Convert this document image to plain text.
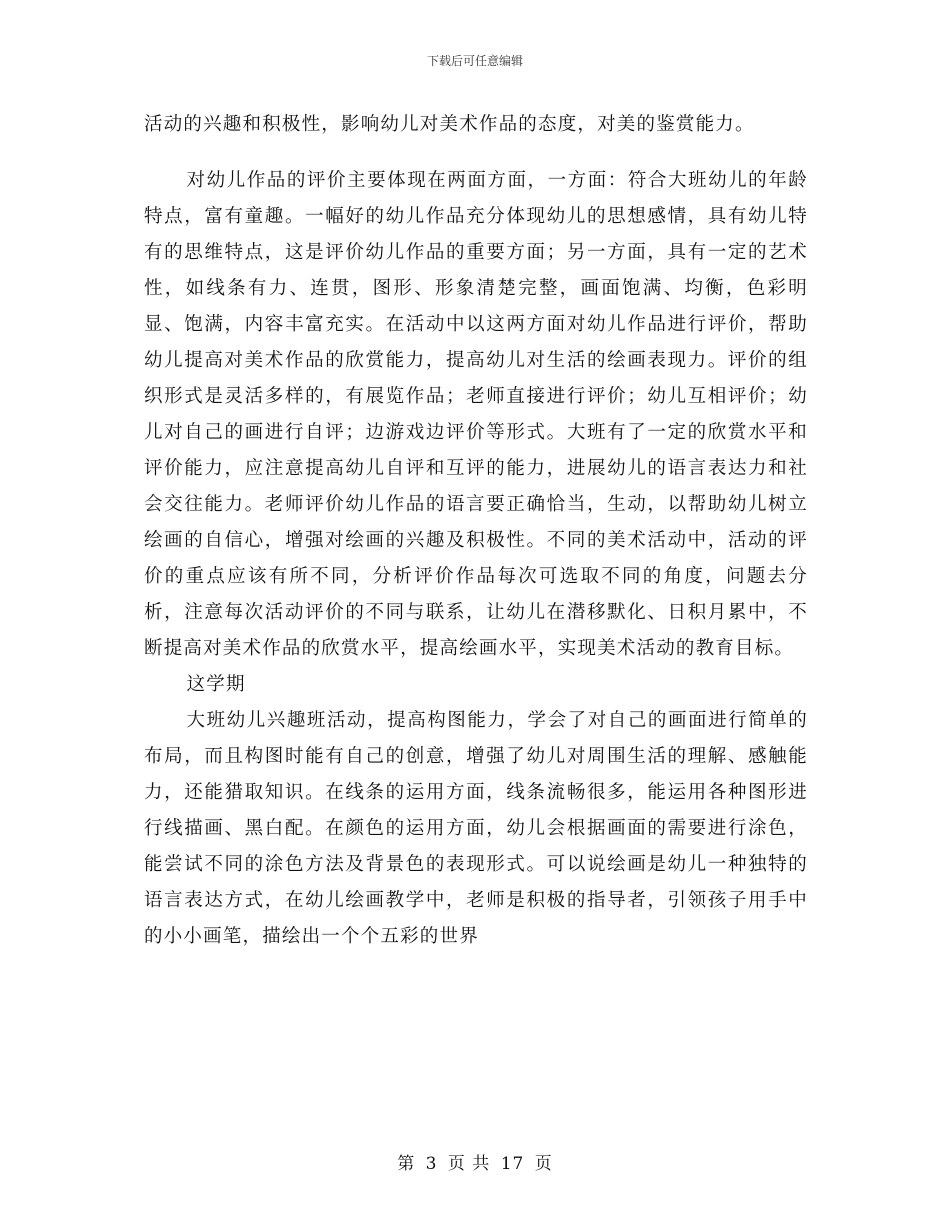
下载后可任意编辑

活动的兴趣和积极性，影响幼儿对美术作品的态度，对美的鉴赏能力。

对幼儿作品的评价主要体现在两面方面，一方面：符合大班幼儿的年龄特点，富有童趣。一幅好的幼儿作品充分体现幼儿的思想感情，具有幼儿特有的思维特点，这是评价幼儿作品的重要方面；另一方面，具有一定的艺术性，如线条有力、连贯，图形、形象清楚完整，画面饱满、均衡，色彩明显、饱满，内容丰富充实。在活动中以这两方面对幼儿作品进行评价，帮助幼儿提高对美术作品的欣赏能力，提高幼儿对生活的绘画表现力。评价的组织形式是灵活多样的，有展览作品；老师直接进行评价；幼儿互相评价；幼儿对自己的画进行自评；边游戏边评价等形式。大班有了一定的欣赏水平和评价能力，应注意提高幼儿自评和互评的能力，进展幼儿的语言表达力和社会交往能力。老师评价幼儿作品的语言要正确恰当，生动，以帮助幼儿树立绘画的自信心，增强对绘画的兴趣及积极性。不同的美术活动中，活动的评价的重点应该有所不同，分析评价作品每次可选取不同的角度，问题去分析，注意每次活动评价的不同与联系，让幼儿在潜移默化、日积月累中，不断提高对美术作品的欣赏水平，提高绘画水平，实现美术活动的教育目标。

这学期

大班幼儿兴趣班活动，提高构图能力，学会了对自己的画面进行简单的布局，而且构图时能有自己的创意，增强了幼儿对周围生活的理解、感触能力，还能猎取知识。在线条的运用方面，线条流畅很多，能运用各种图形进行线描画、黑白配。在颜色的运用方面，幼儿会根据画面的需要进行涂色，能尝试不同的涂色方法及背景色的表现形式。可以说绘画是幼儿一种独特的语言表达方式，在幼儿绘画教学中，老师是积极的指导者，引领孩子用手中的小小画笔，描绘出一个个五彩的世界

第 3 页 共 17 页
